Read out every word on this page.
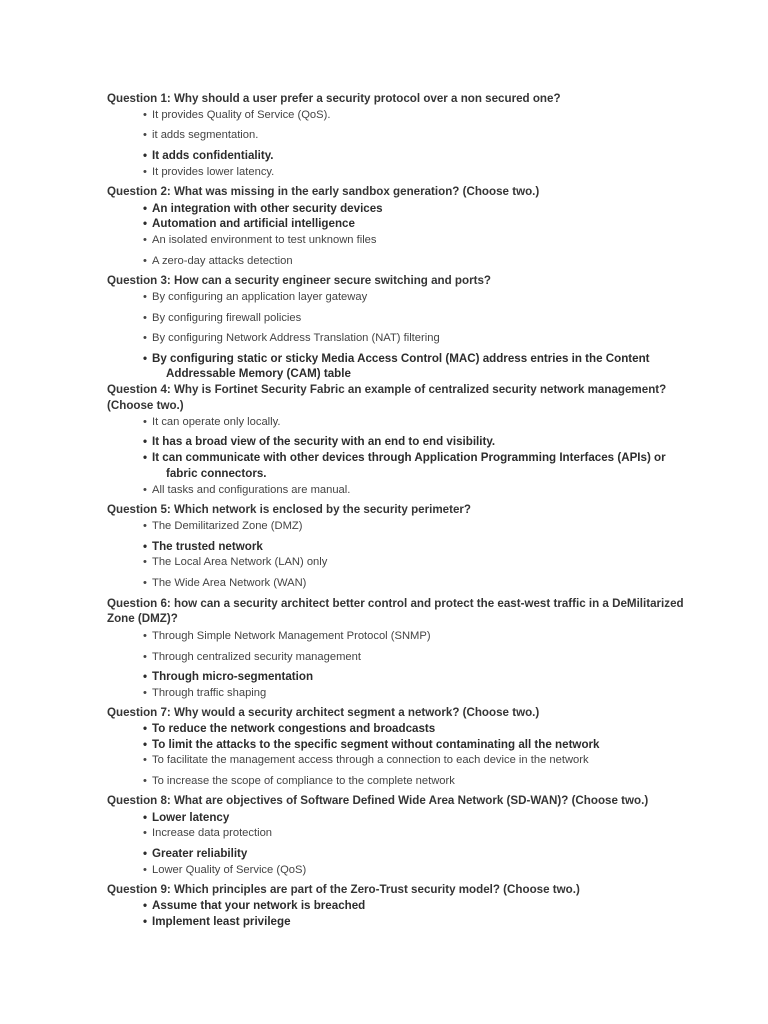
Question 1: Why should a user prefer a security protocol over a non secured one?
• It provides Quality of Service (QoS).
• it adds segmentation.
• It adds confidentiality.
• It provides lower latency.
Question 2: What was missing in the early sandbox generation? (Choose two.)
• An integration with other security devices
• Automation and artificial intelligence
• An isolated environment to test unknown files
• A zero-day attacks detection
Question 3: How can a security engineer secure switching and ports?
• By configuring an application layer gateway
• By configuring firewall policies
• By configuring Network Address Translation (NAT) filtering
• By configuring static or sticky Media Access Control (MAC) address entries in the Content
Addressable Memory (CAM) table
Question 4: Why is Fortinet Security Fabric an example of centralized security network management?
(Choose two.)
• It can operate only locally.
• It has a broad view of the security with an end to end visibility.
• It can communicate with other devices through Application Programming Interfaces (APIs) or
fabric connectors.
• All tasks and configurations are manual.
Question 5: Which network is enclosed by the security perimeter?
• The Demilitarized Zone (DMZ)
• The trusted network
• The Local Area Network (LAN) only
• The Wide Area Network (WAN)
Question 6: how can a security architect better control and protect the east-west traffic in a DeMilitarized
Zone (DMZ)?
• Through Simple Network Management Protocol (SNMP)
• Through centralized security management
• Through micro-segmentation
• Through traffic shaping
Question 7: Why would a security architect segment a network? (Choose two.)
• To reduce the network congestions and broadcasts
• To limit the attacks to the specific segment without contaminating all the network
• To facilitate the management access through a connection to each device in the network
• To increase the scope of compliance to the complete network
Question 8: What are objectives of Software Defined Wide Area Network (SD-WAN)? (Choose two.)
• Lower latency
• Increase data protection
• Greater reliability
• Lower Quality of Service (QoS)
Question 9: Which principles are part of the Zero-Trust security model? (Choose two.)
• Assume that your network is breached
• Implement least privilege
